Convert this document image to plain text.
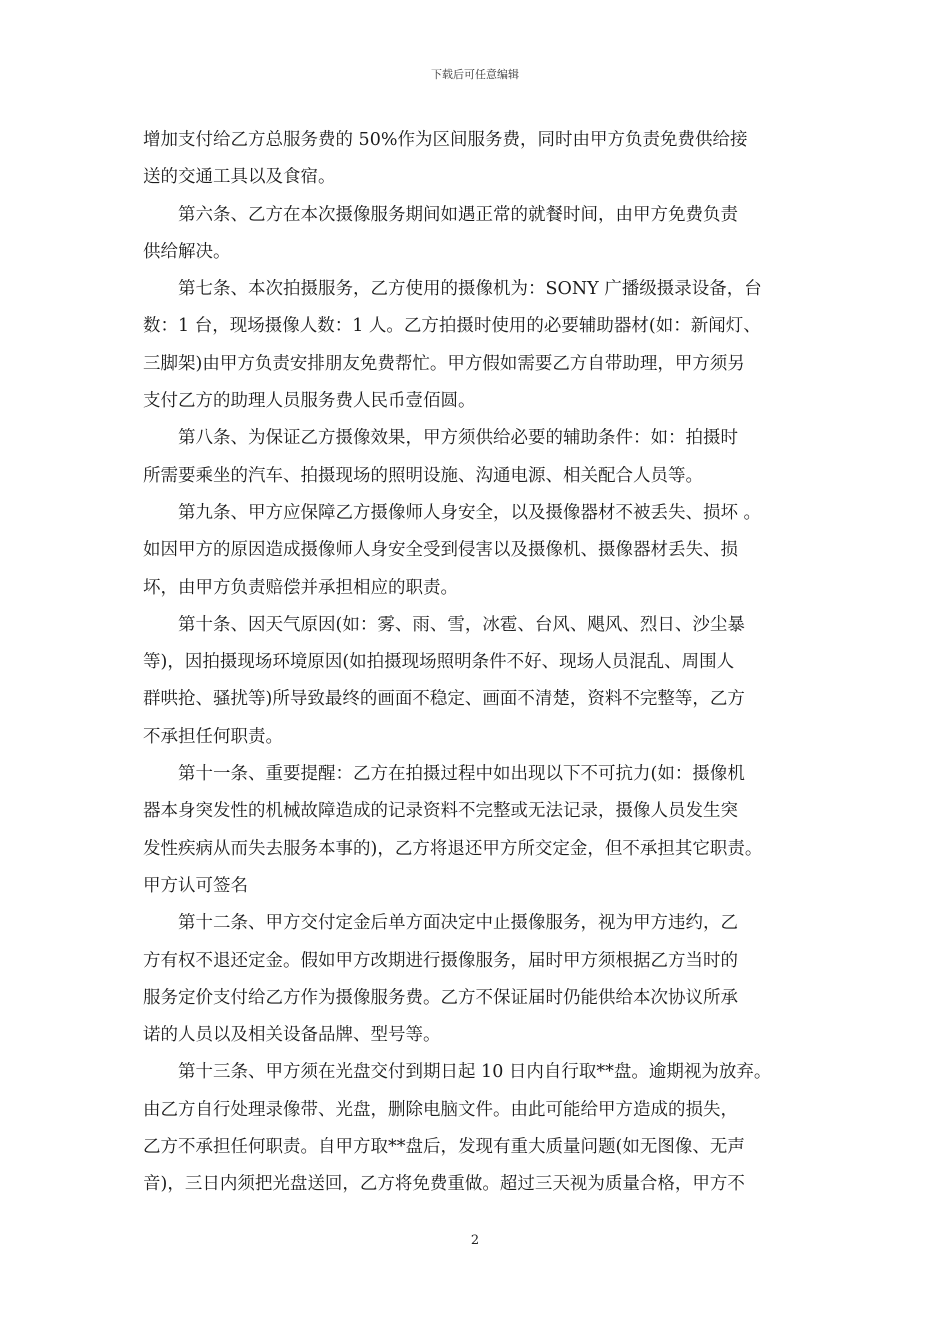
下载后可任意编辑

增加支付给乙方总服务费的 50%作为区间服务费，同时由甲方负责免费供给接
送的交通工具以及食宿。

第六条、乙方在本次摄像服务期间如遇正常的就餐时间，由甲方免费负责
供给解决。

第七条、本次拍摄服务，乙方使用的摄像机为：SONY 广播级摄录设备，台
数：1 台，现场摄像人数：1 人。乙方拍摄时使用的必要辅助器材(如：新闻灯、
三脚架)由甲方负责安排朋友免费帮忙。甲方假如需要乙方自带助理，甲方须另
支付乙方的助理人员服务费人民币壹佰圆。

第八条、为保证乙方摄像效果，甲方须供给必要的辅助条件：如：拍摄时
所需要乘坐的汽车、拍摄现场的照明设施、沟通电源、相关配合人员等。

第九条、甲方应保障乙方摄像师人身安全，以及摄像器材不被丢失、损坏 。
如因甲方的原因造成摄像师人身安全受到侵害以及摄像机、摄像器材丢失、损
坏，由甲方负责赔偿并承担相应的职责。

第十条、因天气原因(如：雾、雨、雪，冰雹、台风、飓风、烈日、沙尘暴
等)，因拍摄现场环境原因(如拍摄现场照明条件不好、现场人员混乱、周围人
群哄抢、骚扰等)所导致最终的画面不稳定、画面不清楚，资料不完整等，乙方
不承担任何职责。

第十一条、重要提醒：乙方在拍摄过程中如出现以下不可抗力(如：摄像机
器本身突发性的机械故障造成的记录资料不完整或无法记录，摄像人员发生突
发性疾病从而失去服务本事的)，乙方将退还甲方所交定金，但不承担其它职责。
甲方认可签名

第十二条、甲方交付定金后单方面决定中止摄像服务，视为甲方违约，乙
方有权不退还定金。假如甲方改期进行摄像服务，届时甲方须根据乙方当时的
服务定价支付给乙方作为摄像服务费。乙方不保证届时仍能供给本次协议所承
诺的人员以及相关设备品牌、型号等。

第十三条、甲方须在光盘交付到期日起 10 日内自行取**盘。逾期视为放弃。
由乙方自行处理录像带、光盘，删除电脑文件。由此可能给甲方造成的损失，
乙方不承担任何职责。自甲方取**盘后，发现有重大质量问题(如无图像、无声
音)，三日内须把光盘送回，乙方将免费重做。超过三天视为质量合格，甲方不

2
